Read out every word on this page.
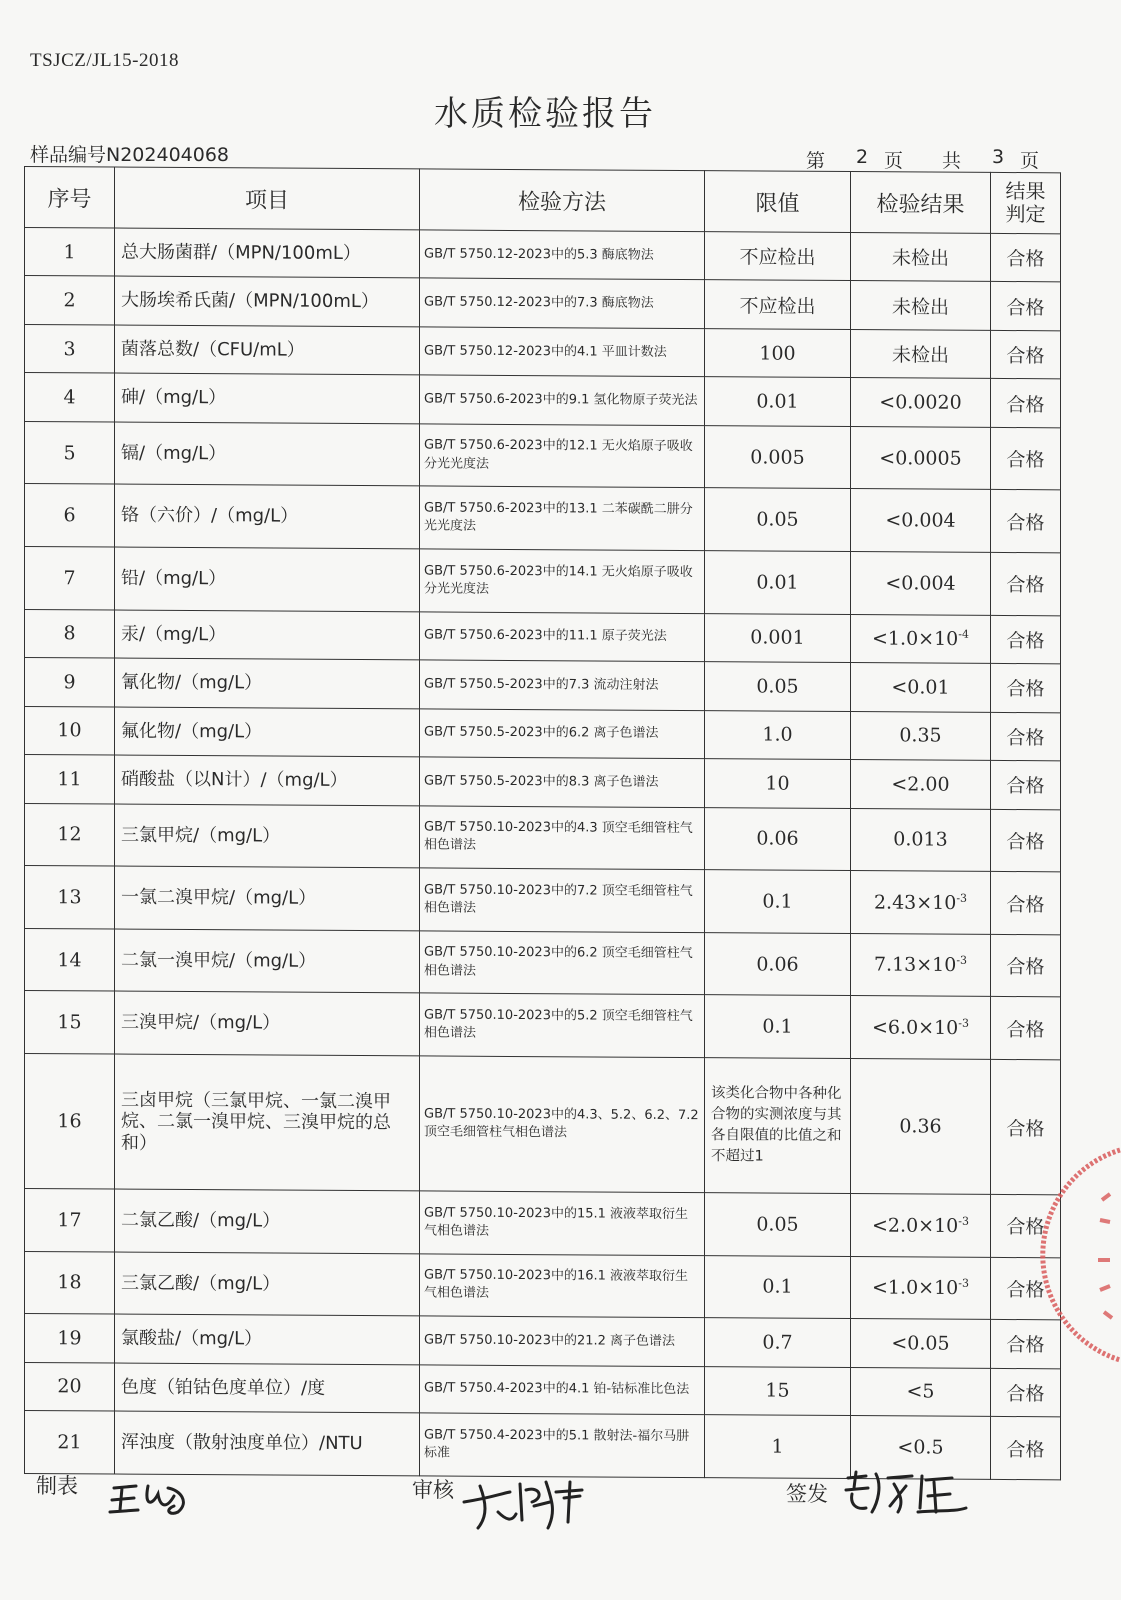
TSJCZ/JL15-2018
水质检验报告
样品编号N202404068	第	2 页	共	3 页
序号	项目	检验方法	限值	检验结果	结果判定
1	总大肠菌群/（MPN/100mL）	GB/T 5750.12-2023中的5.3 酶底物法	不应检出	未检出	合格
2	大肠埃希氏菌/（MPN/100mL）	GB/T 5750.12-2023中的7.3 酶底物法	不应检出	未检出	合格
3	菌落总数/（CFU/mL）	GB/T 5750.12-2023中的4.1 平皿计数法	100	未检出	合格
4	砷/（mg/L）	GB/T 5750.6-2023中的9.1 氢化物原子荧光法	0.01	<0.0020	合格
5	镉/（mg/L）	GB/T 5750.6-2023中的12.1 无火焰原子吸收分光光度法	0.005	<0.0005	合格
6	铬（六价）/（mg/L）	GB/T 5750.6-2023中的13.1 二苯碳酰二肼分光光度法	0.05	<0.004	合格
7	铅/（mg/L）	GB/T 5750.6-2023中的14.1 无火焰原子吸收分光光度法	0.01	<0.004	合格
8	汞/（mg/L）	GB/T 5750.6-2023中的11.1 原子荧光法	0.001	$<1.0\times 10^{-4}$	合格
9	氰化物/（mg/L）	GB/T 5750.5-2023中的7.3 流动注射法	0.05	<0.01	合格
10	氟化物/（mg/L）	GB/T 5750.5-2023中的6.2 离子色谱法	1.0	0.35	合格
11	硝酸盐（以N计）/（mg/L）	GB/T 5750.5-2023中的8.3 离子色谱法	10	<2.00	合格
12	三氯甲烷/（mg/L）	GB/T 5750.10-2023中的4.3 顶空毛细管柱气相色谱法	0.06	0.013	合格
13	一氯二溴甲烷/（mg/L）	GB/T 5750.10-2023中的7.2 顶空毛细管柱气相色谱法	0.1	$2.43\times 10^{-3}$	合格
14	二氯一溴甲烷/（mg/L）	GB/T 5750.10-2023中的6.2 顶空毛细管柱气相色谱法	0.06	$7.13\times 10^{-3}$	合格
15	三溴甲烷/（mg/L）	GB/T 5750.10-2023中的5.2 顶空毛细管柱气相色谱法	0.1	$<6.0\times 10^{-3}$	合格
16	三卤甲烷（三氯甲烷、一氯二溴甲烷、二氯一溴甲烷、三溴甲烷的总和）	GB/T 5750.10-2023中的4.3、5.2、6.2、7.2 顶空毛细管柱气相色谱法	该类化合物中各种化合物的实测浓度与其各自限值的比值之和不超过1	0.36	合格
17	二氯乙酸/（mg/L）	GB/T 5750.10-2023中的15.1 液液萃取衍生气相色谱法	0.05	$<2.0\times 10^{-3}$	合格
18	三氯乙酸/（mg/L）	GB/T 5750.10-2023中的16.1 液液萃取衍生气相色谱法	0.1	$<1.0\times 10^{-3}$	合格
19	氯酸盐/（mg/L）	GB/T 5750.10-2023中的21.2 离子色谱法	0.7	<0.05	合格
20	色度（铂钴色度单位）/度	GB/T 5750.4-2023中的4.1 铂-钴标准比色法	15	<5	合格
21	浑浊度（散射浊度单位）/NTU	GB/T 5750.4-2023中的5.1 散射法-福尔马肼标准	1	<0.5	合格
制表	审核	签发
